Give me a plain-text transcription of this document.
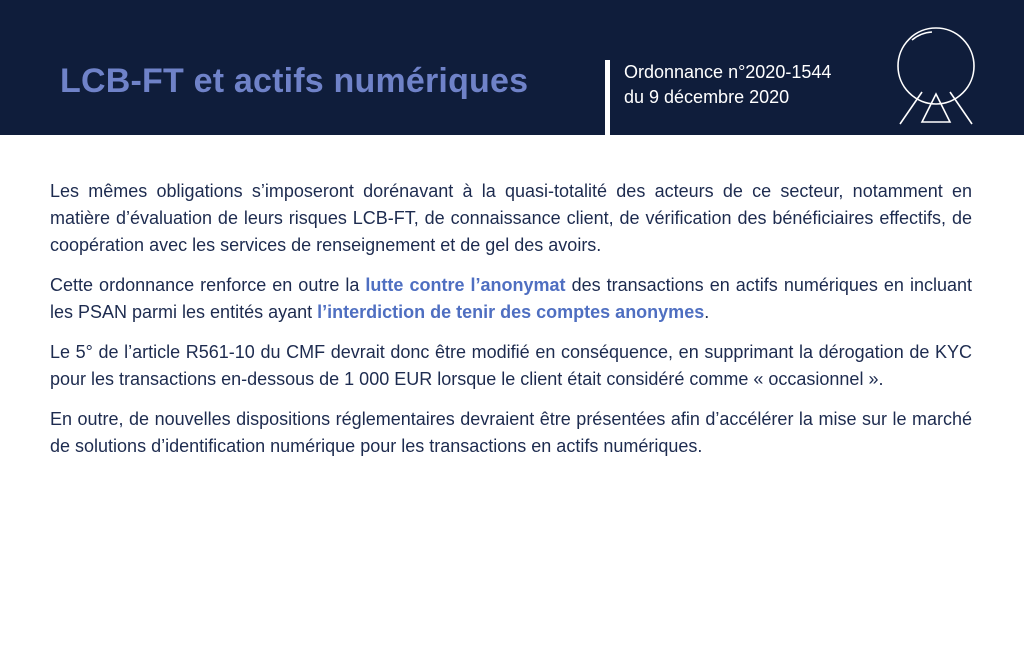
LCB-FT et actifs numériques	Ordonnance n°2020-1544
du 9 décembre 2020

Les mêmes obligations s’imposeront dorénavant à la quasi-totalité des acteurs de ce secteur, notamment en matière d’évaluation de leurs risques LCB-FT, de connaissance client, de vérification des bénéficiaires effectifs, de coopération avec les services de renseignement et de gel des avoirs.

Cette ordonnance renforce en outre la lutte contre l’anonymat des transactions en actifs numériques en incluant les PSAN parmi les entités ayant l’interdiction de tenir des comptes anonymes.

Le 5° de l’article R561-10 du CMF devrait donc être modifié en conséquence, en supprimant la dérogation de KYC pour les transactions en-dessous de 1 000 EUR lorsque le client était considéré comme « occasionnel ».

En outre, de nouvelles dispositions réglementaires devraient être présentées afin d’accélérer la mise sur le marché de solutions d’identification numérique pour les transactions en actifs numériques.
